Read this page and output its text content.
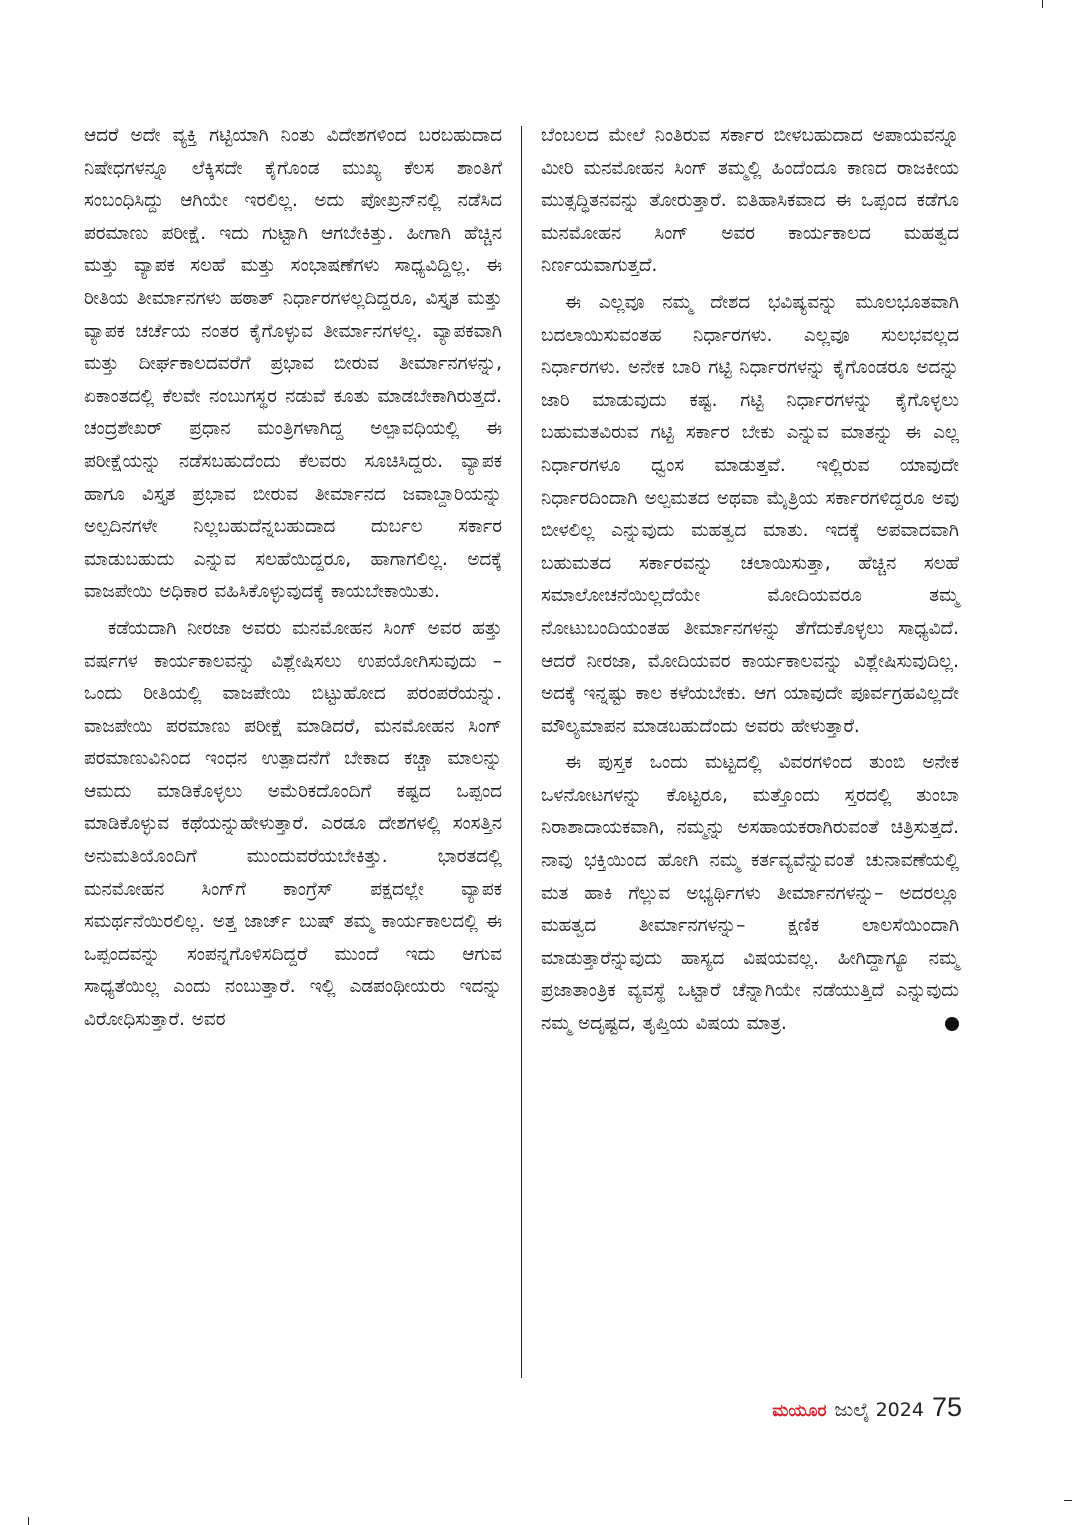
ಆದರೆ ಅದೇ ವ್ಯಕ್ತಿ ಗಟ್ಟಿಯಾಗಿ ನಿಂತು ವಿದೇಶಗಳಿಂದ ಬರಬಹುದಾದ ನಿಷೇಧಗಳನ್ನೂ ಲೆಕ್ಕಿಸದೇ ಕೈಗೊಂಡ ಮುಖ್ಯ ಕೆಲಸ ಶಾಂತಿಗೆ ಸಂಬಂಧಿಸಿದ್ದು ಆಗಿಯೇ ಇರಲಿಲ್ಲ. ಅದು ಪೋಖ್ರನ್‌ನಲ್ಲಿ ನಡೆಸಿದ ಪರಮಾಣು ಪರೀಕ್ಷೆ. ಇದು ಗುಟ್ಟಾಗಿ ಆಗಬೇಕಿತ್ತು. ಹೀಗಾಗಿ ಹೆಚ್ಚಿನ ಮತ್ತು ವ್ಯಾಪಕ ಸಲಹೆ ಮತ್ತು ಸಂಭಾಷಣೆಗಳು ಸಾಧ್ಯವಿದ್ದಿಲ್ಲ. ಈ ರೀತಿಯ ತೀರ್ಮಾನಗಳು ಹಠಾತ್ ನಿರ್ಧಾರಗಳಲ್ಲದಿದ್ದರೂ, ವಿಸ್ತೃತ ಮತ್ತು ವ್ಯಾಪಕ ಚರ್ಚೆಯ ನಂತರ ಕೈಗೊಳ್ಳುವ ತೀರ್ಮಾನಗಳಲ್ಲ. ವ್ಯಾಪಕವಾಗಿ ಮತ್ತು ದೀರ್ಘಕಾಲದವರೆಗೆ ಪ್ರಭಾವ ಬೀರುವ ತೀರ್ಮಾನಗಳನ್ನು, ಏಕಾಂತದಲ್ಲಿ ಕೆಲವೇ ನಂಬುಗಸ್ಥರ ನಡುವೆ ಕೂತು ಮಾಡಬೇಕಾಗಿರುತ್ತದೆ. ಚಂದ್ರಶೇಖರ್ ಪ್ರಧಾನ ಮಂತ್ರಿಗಳಾಗಿದ್ದ ಅಲ್ಪಾವಧಿಯಲ್ಲಿ ಈ ಪರೀಕ್ಷೆಯನ್ನು ನಡೆಸಬಹುದೆಂದು ಕೆಲವರು ಸೂಚಿಸಿದ್ದರು. ವ್ಯಾಪಕ ಹಾಗೂ ವಿಸ್ತೃತ ಪ್ರಭಾವ ಬೀರುವ ತೀರ್ಮಾನದ ಜವಾಬ್ದಾರಿಯನ್ನು ಅಲ್ಪದಿನಗಳೇ ನಿಲ್ಲಬಹುದೆನ್ನಬಹುದಾದ ದುರ್ಬಲ ಸರ್ಕಾರ ಮಾಡುಬಹುದು ಎನ್ನುವ ಸಲಹೆಯಿದ್ದರೂ, ಹಾಗಾಗಲಿಲ್ಲ. ಅದಕ್ಕೆ ವಾಜಪೇಯಿ ಅಧಿಕಾರ ವಹಿಸಿಕೊಳ್ಳುವುದಕ್ಕೆ ಕಾಯಬೇಕಾಯಿತು.

ಕಡೆಯದಾಗಿ ನೀರಜಾ ಅವರು ಮನಮೋಹನ ಸಿಂಗ್ ಅವರ ಹತ್ತು ವರ್ಷಗಳ ಕಾರ್ಯಕಾಲವನ್ನು ವಿಶ್ಲೇಷಿಸಲು ಉಪಯೋಗಿಸುವುದು – ಒಂದು ರೀತಿಯಲ್ಲಿ ವಾಜಪೇಯಿ ಬಿಟ್ಟುಹೋದ ಪರಂಪರೆಯನ್ನು. ವಾಜಪೇಯಿ ಪರಮಾಣು ಪರೀಕ್ಷೆ ಮಾಡಿದರೆ, ಮನಮೋಹನ ಸಿಂಗ್ ಪರಮಾಣುವಿನಿಂದ ಇಂಧನ ಉತ್ಪಾದನೆಗೆ ಬೇಕಾದ ಕಚ್ಚಾ ಮಾಲನ್ನು ಆಮದು ಮಾಡಿಕೊಳ್ಳಲು ಅಮೆರಿಕದೊಂದಿಗೆ ಕಷ್ಟದ ಒಪ್ಪಂದ ಮಾಡಿಕೊಳ್ಳುವ ಕಥೆಯನ್ನುಹೇಳುತ್ತಾರೆ. ಎರಡೂ ದೇಶಗಳಲ್ಲಿ ಸಂಸತ್ತಿನ ಅನುಮತಿಯೊಂದಿಗೆ ಮುಂದುವರೆಯಬೇಕಿತ್ತು. ಭಾರತದಲ್ಲಿ ಮನಮೋಹನ ಸಿಂಗ್‌ಗೆ ಕಾಂಗ್ರೆಸ್ ಪಕ್ಷದಲ್ಲೇ ವ್ಯಾಪಕ ಸಮರ್ಥನೆಯಿರಲಿಲ್ಲ. ಅತ್ತ ಜಾರ್ಜ್ ಬುಷ್ ತಮ್ಮ ಕಾರ್ಯಕಾಲದಲ್ಲಿ ಈ ಒಪ್ಪಂದವನ್ನು ಸಂಪನ್ನಗೊಳಿಸದಿದ್ದರೆ ಮುಂದೆ ಇದು ಆಗುವ ಸಾಧ್ಯತೆಯಿಲ್ಲ ಎಂದು ನಂಬುತ್ತಾರೆ. ಇಲ್ಲಿ ಎಡಪಂಥೀಯರು ಇದನ್ನು ವಿರೋಧಿಸುತ್ತಾರೆ. ಅವರ

ಬೆಂಬಲದ ಮೇಲೆ ನಿಂತಿರುವ ಸರ್ಕಾರ ಬೀಳಬಹುದಾದ ಅಪಾಯವನ್ನೂ ಮೀರಿ ಮನಮೋಹನ ಸಿಂಗ್ ತಮ್ಮಲ್ಲಿ ಹಿಂದೆಂದೂ ಕಾಣದ ರಾಜಕೀಯ ಮುತ್ಸದ್ಧಿತನವನ್ನು ತೋರುತ್ತಾರೆ. ಐತಿಹಾಸಿಕವಾದ ಈ ಒಪ್ಪಂದ ಕಡೆಗೂ ಮನಮೋಹನ ಸಿಂಗ್ ಅವರ ಕಾರ್ಯಕಾಲದ ಮಹತ್ವದ ನಿರ್ಣಯವಾಗುತ್ತದೆ.

ಈ ಎಲ್ಲವೂ ನಮ್ಮ ದೇಶದ ಭವಿಷ್ಯವನ್ನು ಮೂಲಭೂತವಾಗಿ ಬದಲಾಯಿಸುವಂತಹ ನಿರ್ಧಾರಗಳು. ಎಲ್ಲವೂ ಸುಲಭವಲ್ಲದ ನಿರ್ಧಾರಗಳು. ಅನೇಕ ಬಾರಿ ಗಟ್ಟಿ ನಿರ್ಧಾರಗಳನ್ನು ಕೈಗೊಂಡರೂ ಅದನ್ನು ಜಾರಿ ಮಾಡುವುದು ಕಷ್ಟ. ಗಟ್ಟಿ ನಿರ್ಧಾರಗಳನ್ನು ಕೈಗೊಳ್ಳಲು ಬಹುಮತವಿರುವ ಗಟ್ಟಿ ಸರ್ಕಾರ ಬೇಕು ಎನ್ನುವ ಮಾತನ್ನು ಈ ಎಲ್ಲ ನಿರ್ಧಾರಗಳೂ ಧ್ವಂಸ ಮಾಡುತ್ತವೆ. ಇಲ್ಲಿರುವ ಯಾವುದೇ ನಿರ್ಧಾರದಿಂದಾಗಿ ಅಲ್ಪಮತದ ಅಥವಾ ಮೈತ್ರಿಯ ಸರ್ಕಾರಗಳಿದ್ದರೂ ಅವು ಬೀಳಲಿಲ್ಲ ಎನ್ನುವುದು ಮಹತ್ವದ ಮಾತು. ಇದಕ್ಕೆ ಅಪವಾದವಾಗಿ ಬಹುಮತದ ಸರ್ಕಾರವನ್ನು ಚಲಾಯಿಸುತ್ತಾ, ಹೆಚ್ಚಿನ ಸಲಹೆ ಸಮಾಲೋಚನೆಯಿಲ್ಲದೆಯೇ ಮೋದಿಯವರೂ ತಮ್ಮ ನೋಟುಬಂದಿಯಂತಹ ತೀರ್ಮಾನಗಳನ್ನು ತೆಗೆದುಕೊಳ್ಳಲು ಸಾಧ್ಯವಿದೆ. ಆದರೆ ನೀರಜಾ, ಮೋದಿಯವರ ಕಾರ್ಯಕಾಲವನ್ನು ವಿಶ್ಲೇಷಿಸುವುದಿಲ್ಲ. ಅದಕ್ಕೆ ಇನ್ನಷ್ಟು ಕಾಲ ಕಳೆಯಬೇಕು. ಆಗ ಯಾವುದೇ ಪೂರ್ವಗ್ರಹವಿಲ್ಲದೇ ಮೌಲ್ಯಮಾಪನ ಮಾಡಬಹುದೆಂದು ಅವರು ಹೇಳುತ್ತಾರೆ.

ಈ ಪುಸ್ತಕ ಒಂದು ಮಟ್ಟದಲ್ಲಿ ವಿವರಗಳಿಂದ ತುಂಬಿ ಅನೇಕ ಒಳನೋಟಗಳನ್ನು ಕೊಟ್ಟರೂ, ಮತ್ತೊಂದು ಸ್ತರದಲ್ಲಿ ತುಂಬಾ ನಿರಾಶಾದಾಯಕವಾಗಿ, ನಮ್ಮನ್ನು ಅಸಹಾಯಕರಾಗಿರುವಂತೆ ಚಿತ್ರಿಸುತ್ತದೆ. ನಾವು ಭಕ್ತಿಯಿಂದ ಹೋಗಿ ನಮ್ಮ ಕರ್ತವ್ಯವೆನ್ನುವಂತೆ ಚುನಾವಣೆಯಲ್ಲಿ ಮತ ಹಾಕಿ ಗೆಲ್ಲುವ ಅಭ್ಯರ್ಥಿಗಳು ತೀರ್ಮಾನಗಳನ್ನು– ಅದರಲ್ಲೂ ಮಹತ್ವದ ತೀರ್ಮಾನಗಳನ್ನು– ಕ್ಷಣಿಕ ಲಾಲಸೆಯಿಂದಾಗಿ ಮಾಡುತ್ತಾರೆನ್ನುವುದು ಹಾಸ್ಯದ ವಿಷಯವಲ್ಲ. ಹೀಗಿದ್ದಾಗ್ಯೂ ನಮ್ಮ ಪ್ರಜಾತಾಂತ್ರಿಕ ವ್ಯವಸ್ಥೆ ಒಟ್ಟಾರೆ ಚೆನ್ನಾಗಿಯೇ ನಡೆಯುತ್ತಿದೆ ಎನ್ನುವುದು ನಮ್ಮ ಅದೃಷ್ಟದ, ತೃಪ್ತಿಯ ವಿಷಯ ಮಾತ್ರ.

ಮಯೂರ ಜುಲೈ 2024 75
